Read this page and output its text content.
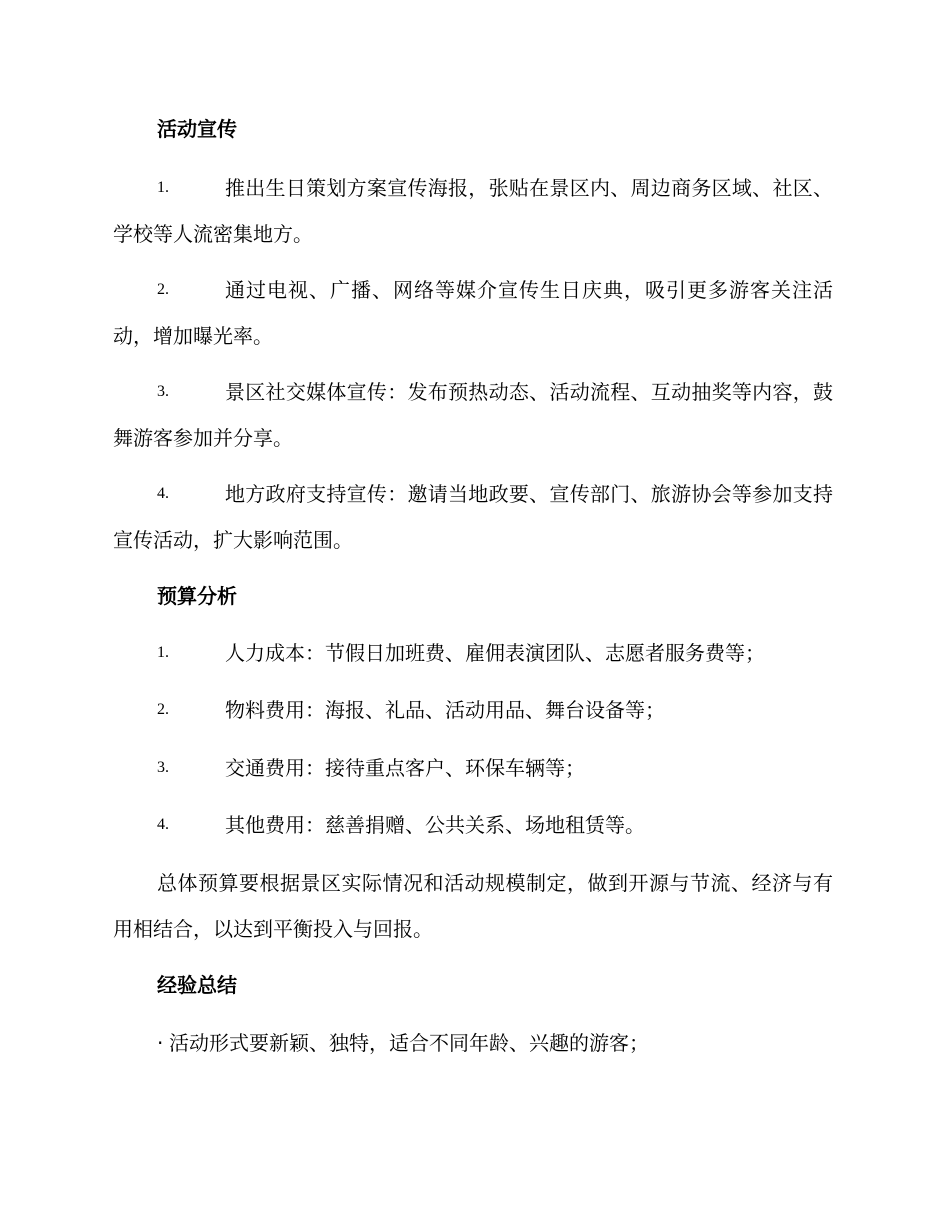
活动宣传
1.	推出生日策划方案宣传海报，张贴在景区内、周边商务区域、社区、学校等人流密集地方。
2.	通过电视、广播、网络等媒介宣传生日庆典，吸引更多游客关注活动，增加曝光率。
3.	景区社交媒体宣传：发布预热动态、活动流程、互动抽奖等内容，鼓舞游客参加并分享。
4.	地方政府支持宣传：邀请当地政要、宣传部门、旅游协会等参加支持宣传活动，扩大影响范围。
预算分析
1.	人力成本：节假日加班费、雇佣表演团队、志愿者服务费等；
2.	物料费用：海报、礼品、活动用品、舞台设备等；
3.	交通费用：接待重点客户、环保车辆等；
4.	其他费用：慈善捐赠、公共关系、场地租赁等。
总体预算要根据景区实际情况和活动规模制定，做到开源与节流、经济与有用相结合，以达到平衡投入与回报。
经验总结
· 活动形式要新颖、独特，适合不同年龄、兴趣的游客；
